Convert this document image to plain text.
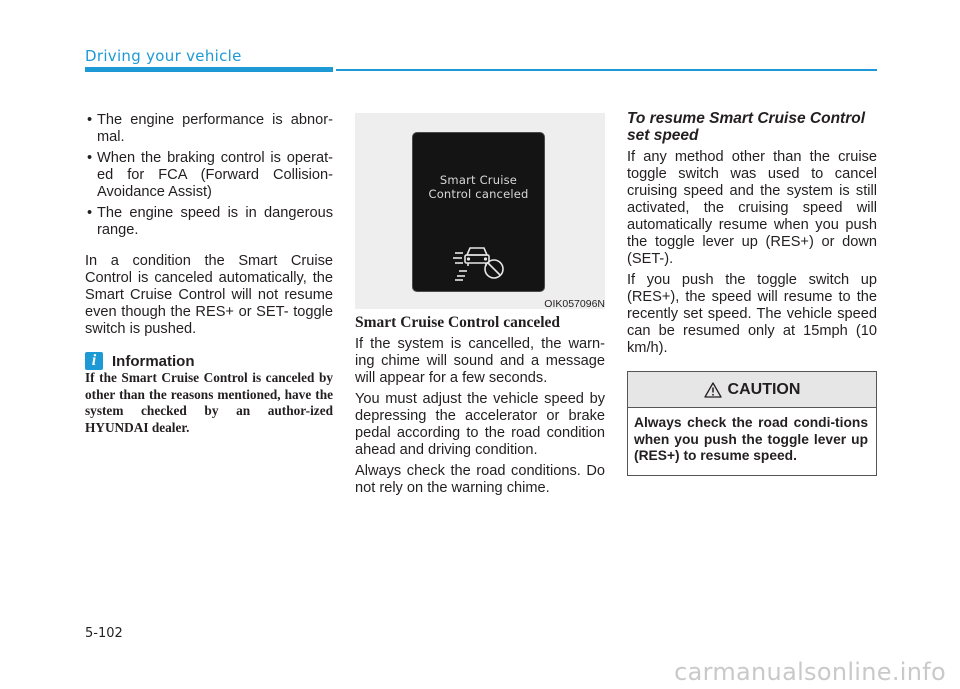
Driving your vehicle
• The engine performance is abnor-mal.
• When the braking control is operat-ed for FCA (Forward Collision-Avoidance Assist)
• The engine speed is in dangerous range.

In a condition the Smart Cruise Control is canceled automatically, the Smart Cruise Control will not resume even though the RES+ or SET- toggle switch is pushed.

i	Information

If the Smart Cruise Control is canceled by other than the reasons mentioned, have the system checked by an author-ized HYUNDAI dealer.

Smart Cruise
Control canceled
OIK057096N

Smart Cruise Control canceled

If the system is cancelled, the warn-ing chime will sound and a message will appear for a few seconds.

You must adjust the vehicle speed by depressing the accelerator or brake pedal according to the road condition ahead and driving condition.

Always check the road conditions. Do not rely on the warning chime.

To resume Smart Cruise Control set speed

If any method other than the cruise toggle switch was used to cancel cruising speed and the system is still activated, the cruising speed will automatically resume when you push the toggle lever up (RES+) or down (SET-).

If you push the toggle switch up (RES+), the speed will resume to the recently set speed. The vehicle speed can be resumed only at 15mph (10 km/h).

CAUTION
Always check the road condi-tions when you push the toggle lever up (RES+) to resume speed.
5-102
carmanualsonline.info
